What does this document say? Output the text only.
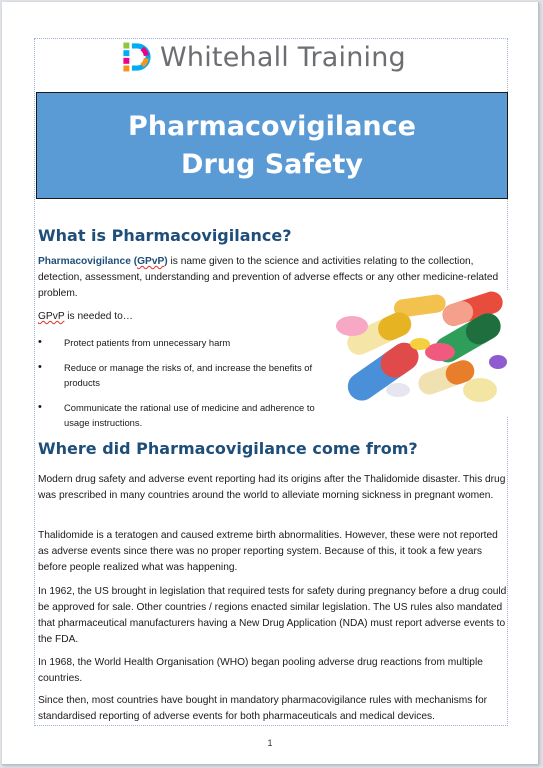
Whitehall Training
Pharmacovigilance
Drug Safety
What is Pharmacovigilance?

Pharmacovigilance (GPvP) is name given to the science and activities relating to the collection, detection, assessment, understanding and prevention of adverse effects or any other medicine-related problem.

GPvP is needed to…

• Protect patients from unnecessary harm
• Reduce or manage the risks of, and increase the benefits of products
• Communicate the rational use of medicine and adherence to usage instructions.
Where did Pharmacovigilance come from?

Modern drug safety and adverse event reporting had its origins after the Thalidomide disaster. This drug was prescribed in many countries around the world to alleviate morning sickness in pregnant women.

Thalidomide is a teratogen and caused extreme birth abnormalities. However, these were not reported as adverse events since there was no proper reporting system. Because of this, it took a few years before people realized what was happening.

In 1962, the US brought in legislation that required tests for safety during pregnancy before a drug could be approved for sale. Other countries / regions enacted similar legislation. The US rules also mandated that pharmaceutical manufacturers having a New Drug Application (NDA) must report adverse events to the FDA.

In 1968, the World Health Organisation (WHO) began pooling adverse drug reactions from multiple countries.

Since then, most countries have bought in mandatory pharmacovigilance rules with mechanisms for standardised reporting of adverse events for both pharmaceuticals and medical devices.

1
